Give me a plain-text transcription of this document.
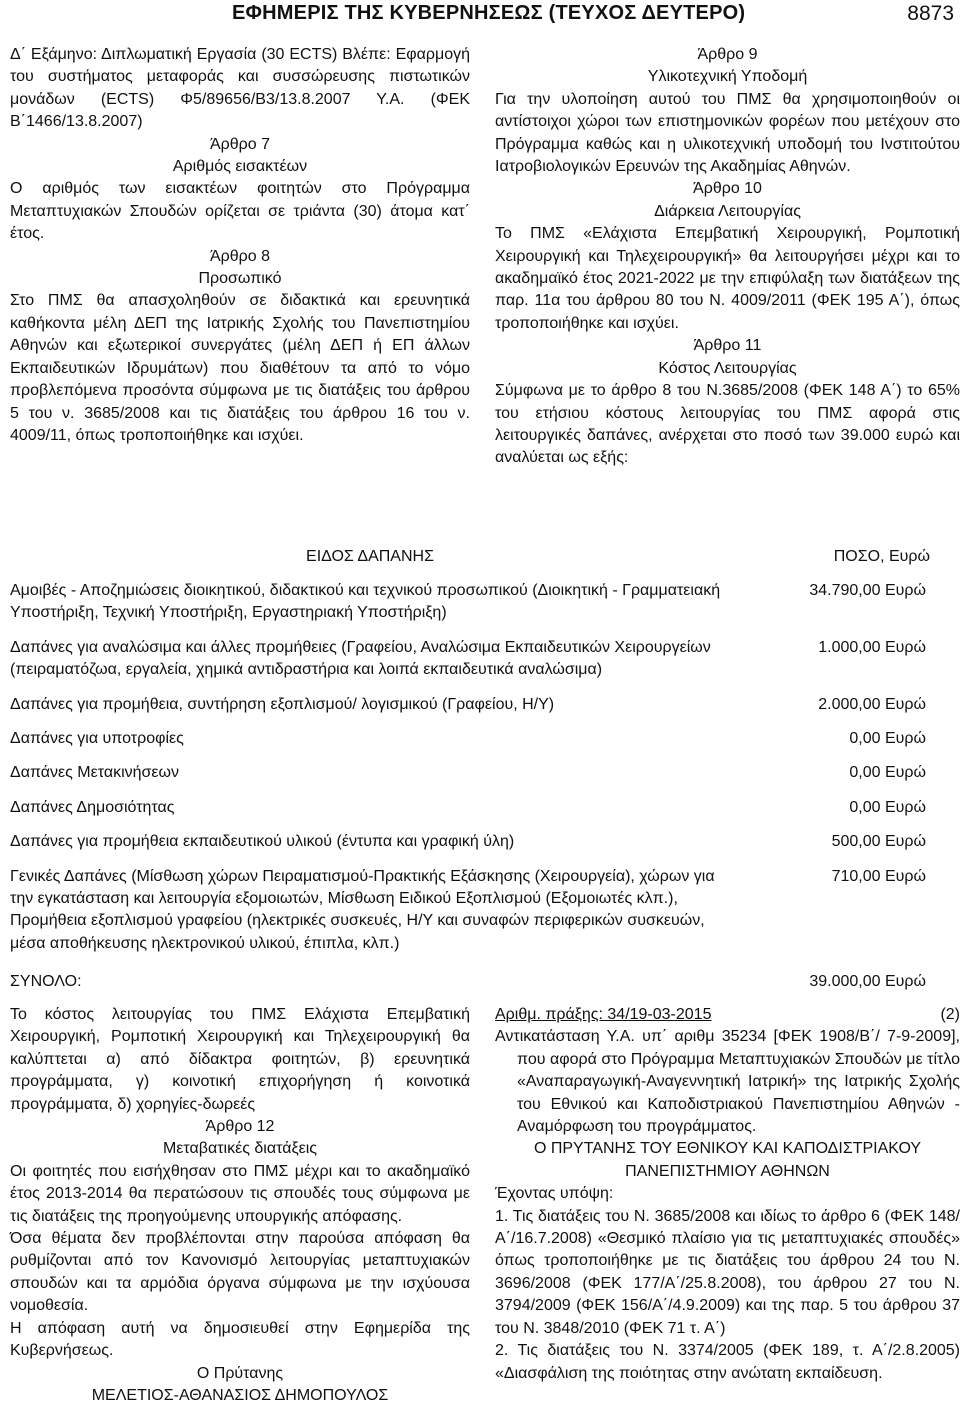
ΕΦΗΜΕΡΙΣ ΤΗΣ ΚΥΒΕΡΝΗΣΕΩΣ (ΤΕΥΧΟΣ ΔΕΥΤΕΡΟ)	8873

Δ΄ Εξάμηνο: Διπλωματική Εργασία (30 ECTS) Βλέπε: Εφαρμογή του συστήματος μεταφοράς και συσσώρευσης πιστωτικών μονάδων (ECTS) Φ5/89656/Β3/13.8.2007 Υ.Α. (ΦΕΚ Β΄1466/13.8.2007)

Άρθρο 7

Αριθμός εισακτέων

Ο αριθμός των εισακτέων φοιτητών στο Πρόγραμμα Μεταπτυχιακών Σπουδών ορίζεται σε τριάντα (30) άτομα κατ΄ έτος.

Άρθρο 8

Προσωπικό

Στο ΠΜΣ θα απασχοληθούν σε διδακτικά και ερευνητικά καθήκοντα μέλη ΔΕΠ της Ιατρικής Σχολής του Πανεπιστημίου Αθηνών και εξωτερικοί συνεργάτες (μέλη ΔΕΠ ή ΕΠ άλλων Εκπαιδευτικών Ιδρυμάτων) που διαθέτουν τα από το νόμο προβλεπόμενα προσόντα σύμφωνα με τις διατάξεις του άρθρου 5 του ν. 3685/2008 και τις διατάξεις του άρθρου 16 του ν. 4009/11, όπως τροποποιήθηκε και ισχύει.

Άρθρο 9

Υλικοτεχνική Υποδομή

Για την υλοποίηση αυτού του ΠΜΣ θα χρησιμοποιηθούν οι αντίστοιχοι χώροι των επιστημονικών φορέων που μετέχουν στο Πρόγραμμα καθώς και η υλικοτεχνική υποδομή του Ινστιτούτου Ιατροβιολογικών Ερευνών της Ακαδημίας Αθηνών.

Άρθρο 10

Διάρκεια Λειτουργίας

Το ΠΜΣ «Ελάχιστα Επεμβατική Χειρουργική, Ρομποτική Χειρουργική και Τηλεχειρουργική» θα λειτουργήσει μέχρι και το ακαδημαϊκό έτος 2021-2022 με την επιφύλαξη των διατάξεων της παρ. 11α του άρθρου 80 του Ν. 4009/2011 (ΦΕΚ 195 Α΄), όπως τροποποιήθηκε και ισχύει.

Άρθρο 11

Κόστος Λειτουργίας

Σύμφωνα με το άρθρο 8 του Ν.3685/2008 (ΦΕΚ 148 Α΄) το 65% του ετήσιου κόστους λειτουργίας του ΠΜΣ αφορά στις λειτουργικές δαπάνες, ανέρχεται στο ποσό των 39.000 ευρώ και αναλύεται ως εξής:

ΕΙΔΟΣ ΔΑΠΑΝΗΣ	ΠΟΣΟ, Ευρώ
Αμοιβές - Αποζημιώσεις διοικητικού, διδακτικού και τεχνικού προσωπικού (Διοικητική - Γραμματειακή Υποστήριξη, Τεχνική Υποστήριξη, Εργαστηριακή Υποστήριξη)	34.790,00 Ευρώ

Δαπάνες για αναλώσιμα και άλλες προμήθειες (Γραφείου, Αναλώσιμα Εκπαιδευτικών Χειρουργείων (πειραματόζωα, εργαλεία, χημικά αντιδραστήρια και λοιπά εκπαιδευτικά αναλώσιμα)	1.000,00 Ευρώ

Δαπάνες για προμήθεια, συντήρηση εξοπλισμού/ λογισμικού (Γραφείου, Η/Υ)	2.000,00 Ευρώ

Δαπάνες για υποτροφίες	0,00 Ευρώ

Δαπάνες Μετακινήσεων	0,00 Ευρώ

Δαπάνες Δημοσιότητας	0,00 Ευρώ

Δαπάνες για προμήθεια εκπαιδευτικού υλικού (έντυπα και γραφική ύλη)	500,00 Ευρώ

Γενικές Δαπάνες (Μίσθωση χώρων Πειραματισμού-Πρακτικής Εξάσκησης (Χειρουργεία), χώρων για την εγκατάσταση και λειτουργία εξομοιωτών, Μίσθωση Ειδικού Εξοπλισμού (Εξομοιωτές κλπ.), Προμήθεια εξοπλισμού γραφείου (ηλεκτρικές συσκευές, Η/Υ και συναφών περιφερικών συσκευών, μέσα αποθήκευσης ηλεκτρονικού υλικού, έπιπλα, κλπ.)	710,00 Ευρώ

ΣΥΝΟΛΟ:	39.000,00 Ευρώ

Το κόστος λειτουργίας του ΠΜΣ Ελάχιστα Επεμβατική Χειρουργική, Ρομποτική Χειρουργική και Τηλεχειρουργική θα καλύπτεται α) από δίδακτρα φοιτητών, β) ερευνητικά προγράμματα, γ) κοινοτική επιχορήγηση ή κοινοτικά προγράμματα, δ) χορηγίες-δωρεές

Άρθρο 12

Μεταβατικές διατάξεις

Οι φοιτητές που εισήχθησαν στο ΠΜΣ μέχρι και το ακαδημαϊκό έτος 2013-2014 θα περατώσουν τις σπουδές τους σύμφωνα με τις διατάξεις της προηγούμενης υπουργικής απόφασης.

Όσα θέματα δεν προβλέπονται στην παρούσα απόφαση θα ρυθμίζονται από τον Κανονισμό λειτουργίας μεταπτυχιακών σπουδών και τα αρμόδια όργανα σύμφωνα με την ισχύουσα νομοθεσία.

Η απόφαση αυτή να δημοσιευθεί στην Εφημερίδα της Κυβερνήσεως.

Ο Πρύτανης

ΜΕΛΕΤΙΟΣ-ΑΘΑΝΑΣΙΟΣ ΔΗΜΟΠΟΥΛΟΣ

Αριθμ. πράξης: 34/19-03-2015	(2)

Αντικατάσταση Υ.Α. υπ΄ αριθμ 35234 [ΦΕΚ 1908/Β΄/ 7-9-2009], που αφορά στο Πρόγραμμα Μεταπτυχιακών Σπουδών με τίτλο «Αναπαραγωγική-Αναγεννητική Ιατρική» της Ιατρικής Σχολής του Εθνικού και Καποδιστριακού Πανεπιστημίου Αθηνών - Αναμόρφωση του προγράμματος.

Ο ΠΡΥΤΑΝΗΣ ΤΟΥ ΕΘΝΙΚΟΥ ΚΑΙ ΚΑΠΟΔΙΣΤΡΙΑΚΟΥ ΠΑΝΕΠΙΣΤΗΜΙΟΥ ΑΘΗΝΩΝ

Έχοντας υπόψη:

1. Τις διατάξεις του Ν. 3685/2008 και ιδίως το άρθρο 6 (ΦΕΚ 148/Α΄/16.7.2008) «Θεσμικό πλαίσιο για τις μεταπτυχιακές σπουδές» όπως τροποποιήθηκε με τις διατάξεις του άρθρου 24 του Ν. 3696/2008 (ΦΕΚ 177/Α΄/25.8.2008), του άρθρου 27 του Ν. 3794/2009 (ΦΕΚ 156/Α΄/4.9.2009) και της παρ. 5 του άρθρου 37 του Ν. 3848/2010 (ΦΕΚ 71 τ. Α΄)

2. Τις διατάξεις του Ν. 3374/2005 (ΦΕΚ 189, τ. Α΄/2.8.2005) «Διασφάλιση της ποιότητας στην ανώτατη εκπαίδευση.
